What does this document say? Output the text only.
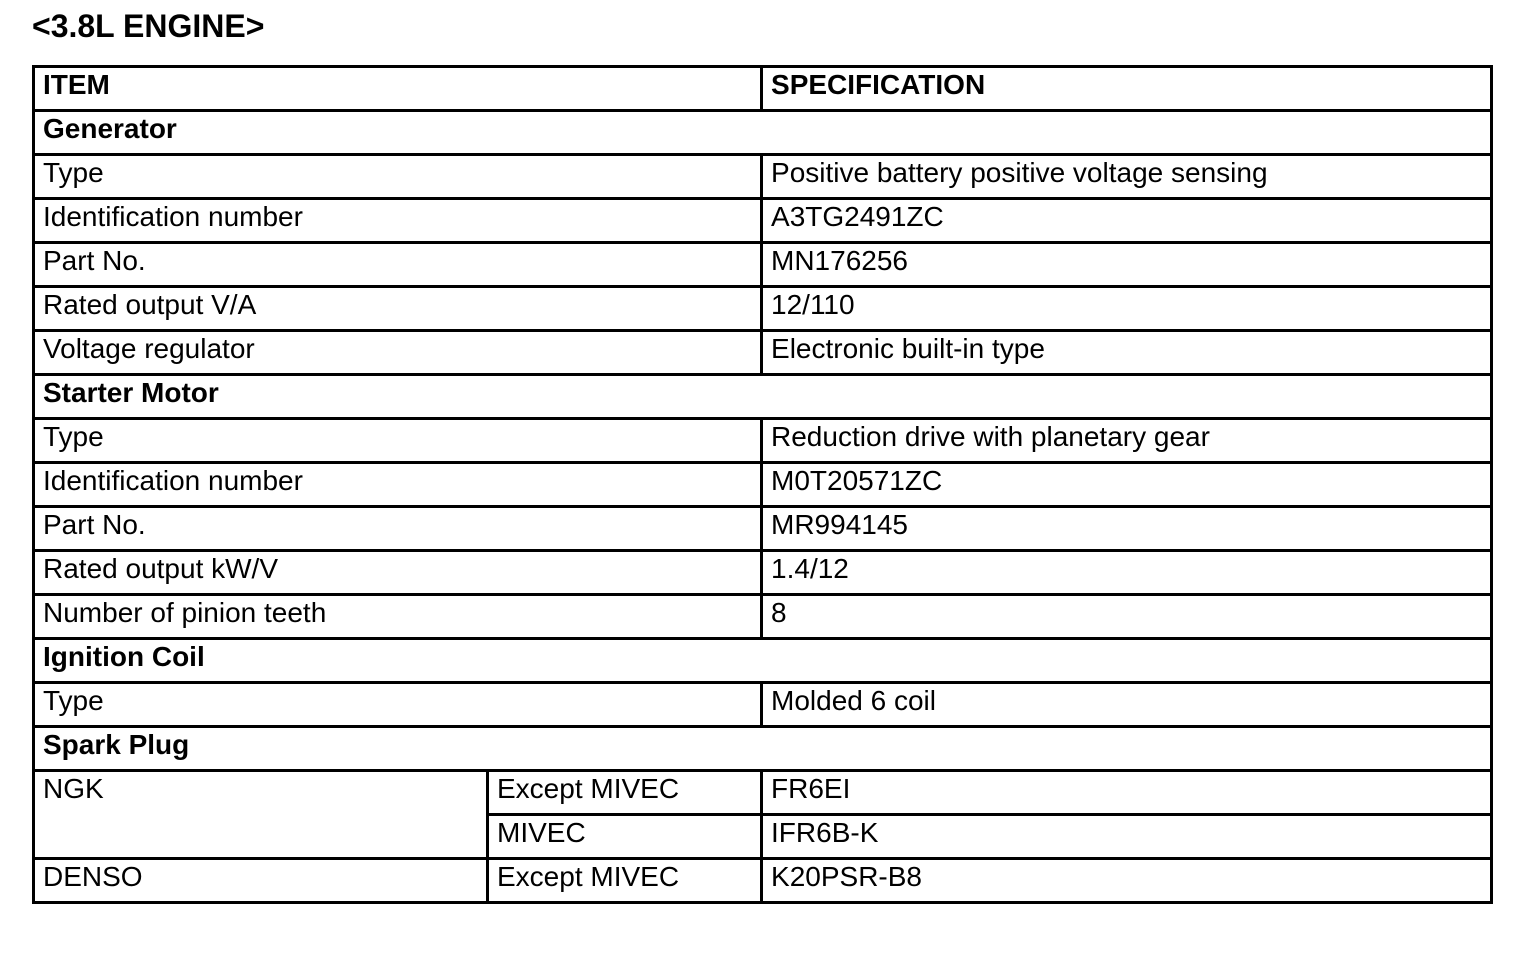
<3.8L ENGINE>
ITEM		SPECIFICATION
Generator		
Type		Positive battery positive voltage sensing
Identification number		A3TG2491ZC
Part No.		MN176256
Rated output V/A		12/110
Voltage regulator		Electronic built-in type
Starter Motor		
Type		Reduction drive with planetary gear
Identification number		M0T20571ZC
Part No.		MR994145
Rated output kW/V		1.4/12
Number of pinion teeth		8
Ignition Coil		
Type		Molded 6 coil
Spark Plug		
NGK	Except MIVEC	FR6EI
	MIVEC	IFR6B-K
DENSO	Except MIVEC	K20PSR-B8
